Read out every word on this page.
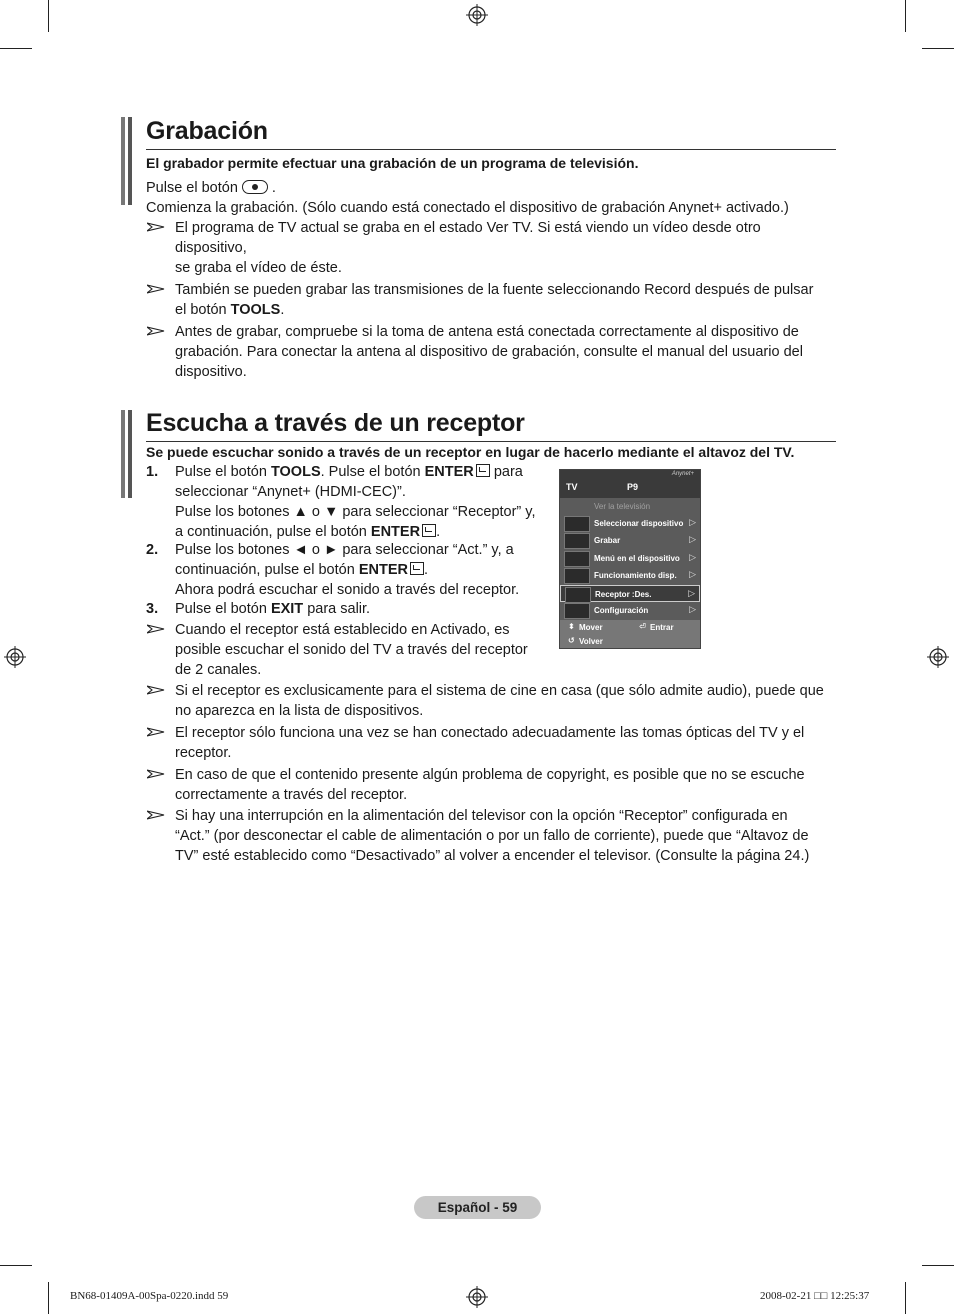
Grabación

El grabador permite efectuar una grabación de un programa de televisión.

Pulse el botón .

Comienza la grabación. (Sólo cuando está conectado el dispositivo de grabación Anynet+ activado.)

El programa de TV actual se graba en el estado Ver TV. Si está viendo un vídeo desde otro
dispositivo,
se graba el vídeo de éste.
También se pueden grabar las transmisiones de la fuente seleccionando Record después de pulsar
el botón TOOLS.
Antes de grabar, compruebe si la toma de antena está conectada correctamente al dispositivo de
grabación. Para conectar la antena al dispositivo de grabación, consulte el manual del usuario del
dispositivo.
Escucha a través de un receptor

Se puede escuchar sonido a través de un receptor en lugar de hacerlo mediante el altavoz del TV.

1. Pulse el botón TOOLS. Pulse el botón ENTER para
seleccionar “Anynet+ (HDMI-CEC)”.
Pulse los botones ▲ o ▼ para seleccionar “Receptor” y,
a continuación, pulse el botón ENTER .
2. Pulse los botones ◄ o ► para seleccionar “Act.” y, a
continuación, pulse el botón ENTER .
Ahora podrá escuchar el sonido a través del receptor.
3. Pulse el botón EXIT para salir.
Cuando el receptor está establecido en Activado, es
posible escuchar el sonido del TV a través del receptor
de 2 canales.
Si el receptor es exclusicamente para el sistema de cine en casa (que sólo admite audio), puede que
no aparezca en la lista de dispositivos.
El receptor sólo funciona una vez se han conectado adecuadamente las tomas ópticas del TV y el
receptor.
En caso de que el contenido presente algún problema de copyright, es posible que no se escuche
correctamente a través del receptor.
Si hay una interrupción en la alimentación del televisor con la opción “Receptor” configurada en
“Act.” (por desconectar el cable de alimentación o por un fallo de corriente), puede que “Altavoz de
TV” esté establecido como “Desactivado” al volver a encender el televisor. (Consulte la página 24.)
TV	P9
Anynet+
Ver la televisión
Seleccionar dispositivo ▷
Grabar	▷
Menú en el dispositivo ▷
Funcionamiento disp. ▷
Receptor :Des.	▷
Configuración	▷
⬍ Mover	⏎ Entrar
↺ Volver
Español - 59
BN68-01409A-00Spa-0220.indd 59	2008-02-21 □□ 12:25:37
